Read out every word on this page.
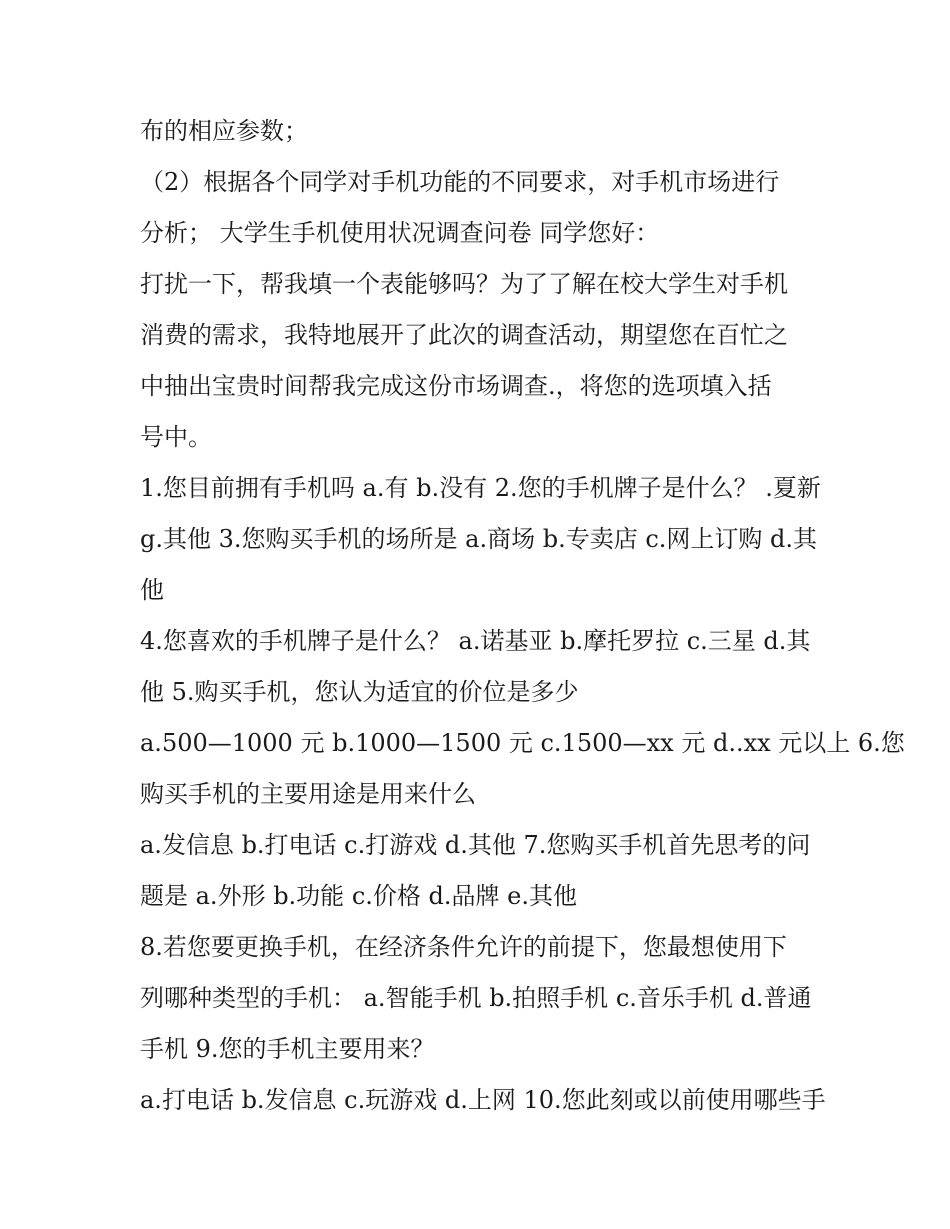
布的相应参数；
（2）根据各个同学对手机功能的不同要求，对手机市场进行
分析； 大学生手机使用状况调查问卷 同学您好：
打扰一下，帮我填一个表能够吗？为了了解在校大学生对手机
消费的需求，我特地展开了此次的调查活动，期望您在百忙之
中抽出宝贵时间帮我完成这份市场调查.，将您的选项填入括
号中。
1.您目前拥有手机吗 a.有 b.没有 2.您的手机牌子是什么？ .夏新
g.其他 3.您购买手机的场所是 a.商场 b.专卖店 c.网上订购 d.其
他
4.您喜欢的手机牌子是什么？ a.诺基亚 b.摩托罗拉 c.三星 d.其
他 5.购买手机，您认为适宜的价位是多少
a.500—1000 元 b.1000—1500 元 c.1500—xx 元 d..xx 元以上 6.您
购买手机的主要用途是用来什么
a.发信息 b.打电话 c.打游戏 d.其他 7.您购买手机首先思考的问
题是 a.外形 b.功能 c.价格 d.品牌 e.其他
8.若您要更换手机，在经济条件允许的前提下，您最想使用下
列哪种类型的手机： a.智能手机 b.拍照手机 c.音乐手机 d.普通
手机 9.您的手机主要用来？
a.打电话 b.发信息 c.玩游戏 d.上网 10.您此刻或以前使用哪些手
